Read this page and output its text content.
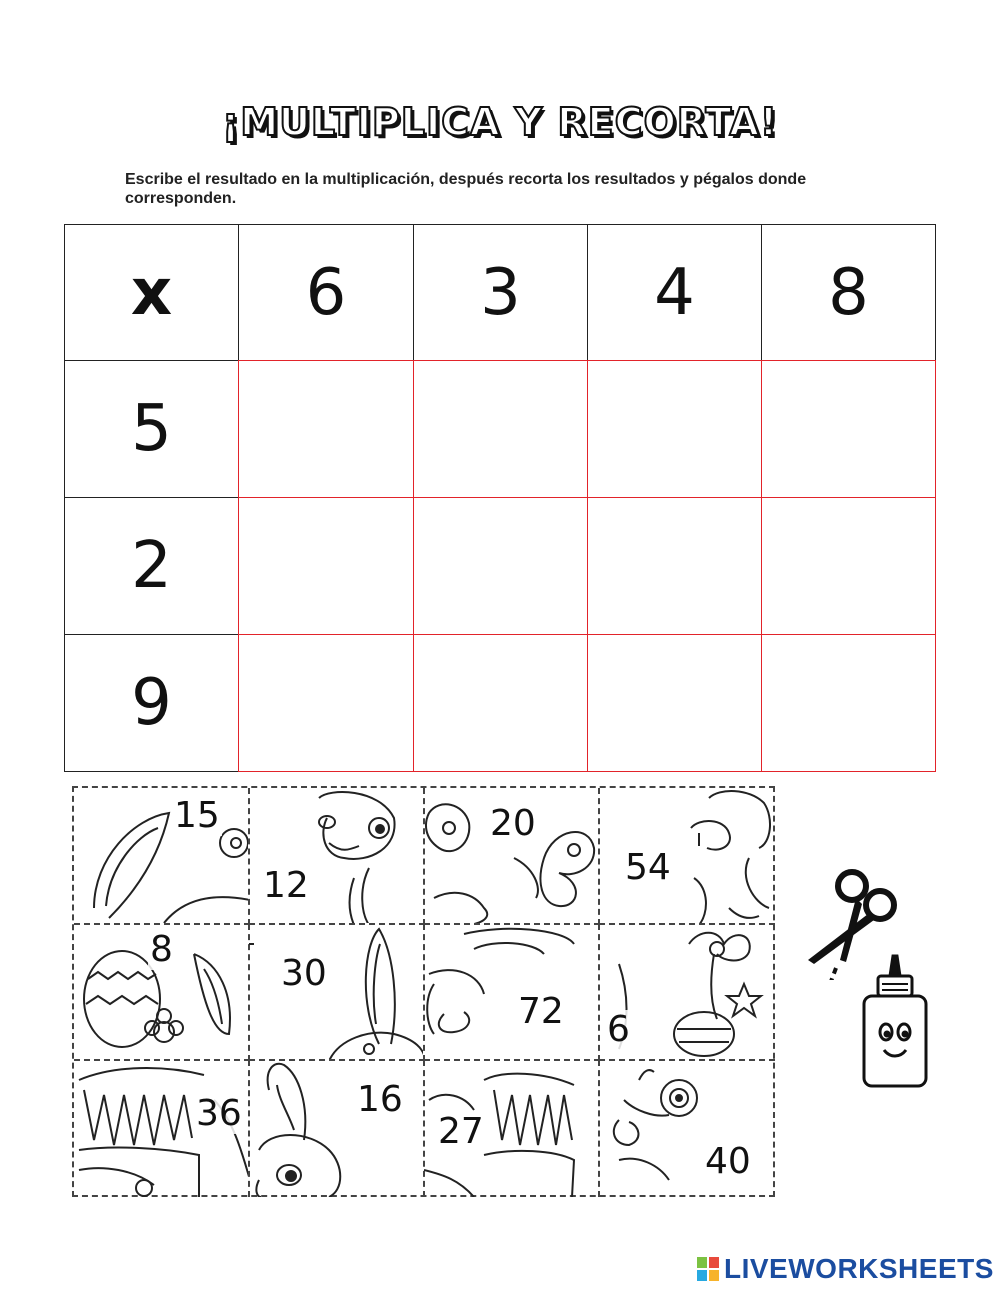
¡MULTIPLICA Y RECORTA!
Escribe el resultado en la multiplicación, después recorta los resultados y pégalos donde corresponden.
x	6	3	4	8
5
2
9
15
12
20
54
8
30
72 6
36	16
27
40
LIVEWORKSHEETS
